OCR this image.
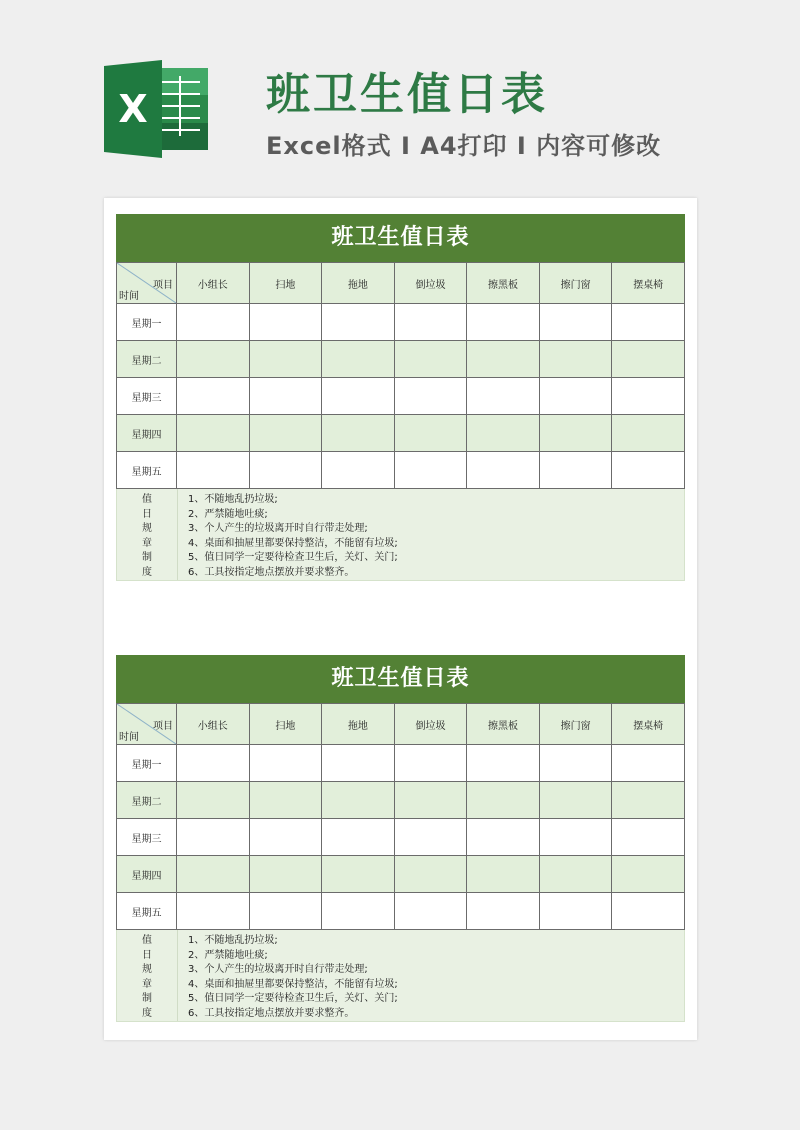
X	班卫生值日表
Excel格式 I A4打印 I 内容可修改
班卫生值日表
项目
时间	小组长	扫地	拖地	倒垃圾	擦黑板	擦门窗	摆桌椅
星期一							
星期二							
星期三							
星期四							
星期五							
值
日
规
章
制
度
1、不随地乱扔垃圾;
2、严禁随地吐痰;
3、个人产生的垃圾离开时自行带走处理;
4、桌面和抽屉里都要保持整洁，不能留有垃圾;
5、值日同学一定要待检查卫生后，关灯、关门;
6、工具按指定地点摆放并要求整齐。
班卫生值日表
项目
时间	小组长	扫地	拖地	倒垃圾	擦黑板	擦门窗	摆桌椅
星期一							
星期二							
星期三							
星期四							
星期五							
值
日
规
章
制
度
1、不随地乱扔垃圾;
2、严禁随地吐痰;
3、个人产生的垃圾离开时自行带走处理;
4、桌面和抽屉里都要保持整洁，不能留有垃圾;
5、值日同学一定要待检查卫生后，关灯、关门;
6、工具按指定地点摆放并要求整齐。
